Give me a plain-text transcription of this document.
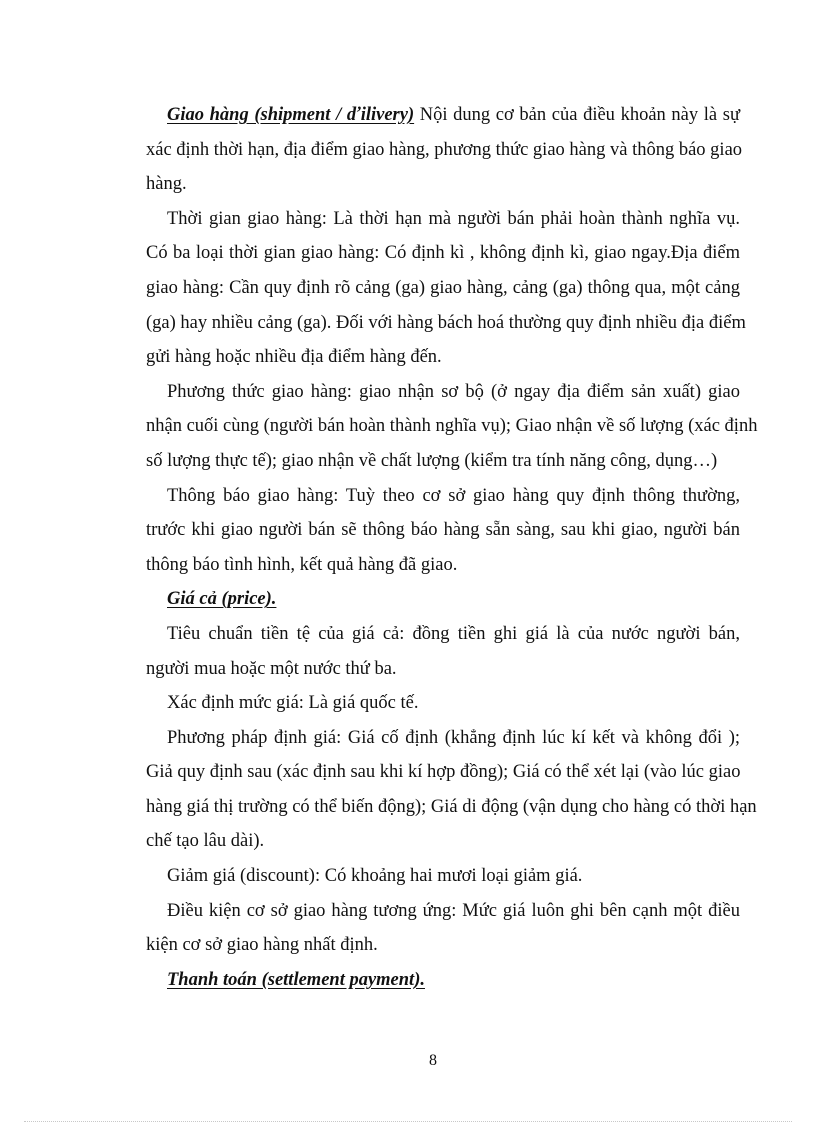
Giao hàng (shipment / ďilivery) Nội dung cơ bản của điều khoản này là sự
xác định thời hạn, địa điểm giao hàng, phương thức giao hàng và thông báo giao
hàng.
Thời gian giao hàng: Là thời hạn mà người bán phải hoàn thành nghĩa vụ.
Có ba loại thời gian giao hàng: Có định kì , không định kì, giao ngay.Địa điểm
giao hàng: Cần quy định rõ cảng (ga) giao hàng, cảng (ga) thông qua, một cảng
(ga) hay nhiều cảng (ga). Đối với hàng bách hoá thường quy định nhiều địa điểm
gửi hàng hoặc nhiều địa điểm hàng đến.
Phương thức giao hàng: giao nhận sơ bộ (ở ngay địa điểm sản xuất) giao
nhận cuối cùng (người bán hoàn thành nghĩa vụ); Giao nhận về số lượng (xác định
số lượng thực tế); giao nhận về chất lượng (kiểm tra tính năng công, dụng…)
Thông báo giao hàng: Tuỳ theo cơ sở giao hàng quy định thông thường,
trước khi giao người bán sẽ thông báo hàng sẵn sàng, sau khi giao, người bán
thông báo tình hình, kết quả hàng đã giao.
Giá cả (price).
Tiêu chuẩn tiền tệ của giá cả: đồng tiền ghi giá là của nước người bán,
người mua hoặc một nước thứ ba.
Xác định mức giá: Là giá quốc tế.
Phương pháp định giá: Giá cố định (khẳng định lúc kí kết và không đổi );
Giả quy định sau (xác định sau khi kí hợp đồng); Giá có thể xét lại (vào lúc giao
hàng giá thị trường có thể biến động); Giá di động (vận dụng cho hàng có thời hạn
chế tạo lâu dài).
Giảm giá (discount): Có khoảng hai mươi loại giảm giá.
Điều kiện cơ sở giao hàng tương ứng: Mức giá luôn ghi bên cạnh một điều
kiện cơ sở giao hàng nhất định.
Thanh toán (settlement payment).
8
